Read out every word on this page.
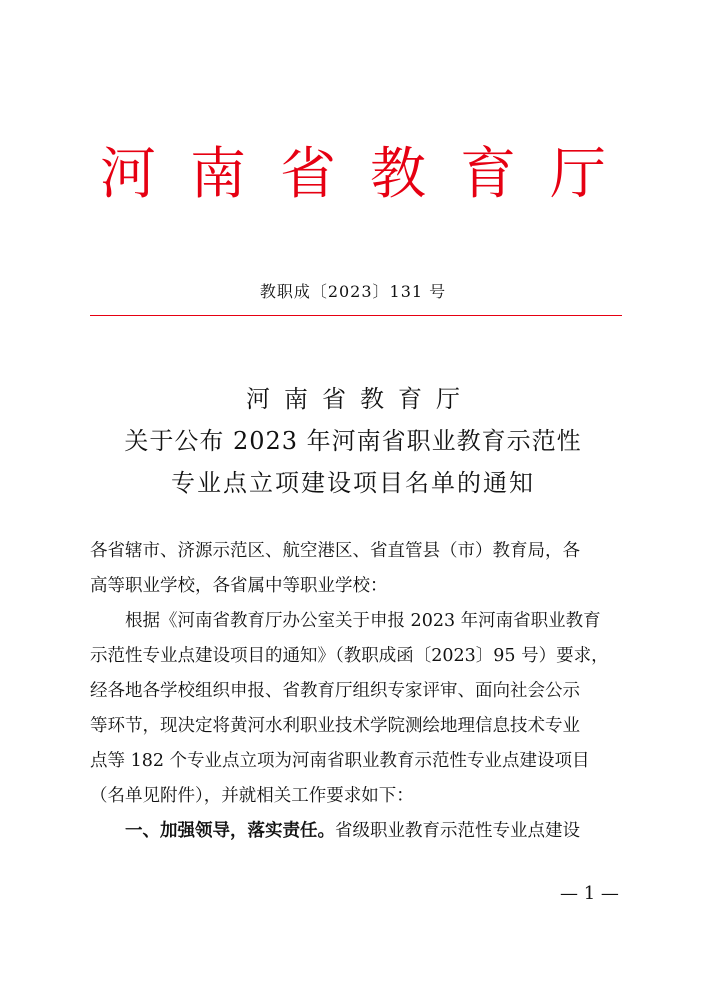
河南省教育厅
教职成〔2023〕131 号
河南省教育厅
关于公布 2023 年河南省职业教育示范性
专业点立项建设项目名单的通知
各省辖市、济源示范区、航空港区、省直管县（市）教育局，各
高等职业学校，各省属中等职业学校：
根据《河南省教育厅办公室关于申报 2023 年河南省职业教育
示范性专业点建设项目的通知》（教职成函〔2023〕95 号）要求，
经各地各学校组织申报、省教育厅组织专家评审、面向社会公示
等环节，现决定将黄河水利职业技术学院测绘地理信息技术专业
点等 182 个专业点立项为河南省职业教育示范性专业点建设项目
（名单见附件），并就相关工作要求如下：
一、加强领导，落实责任。省级职业教育示范性专业点建设
— 1 —
